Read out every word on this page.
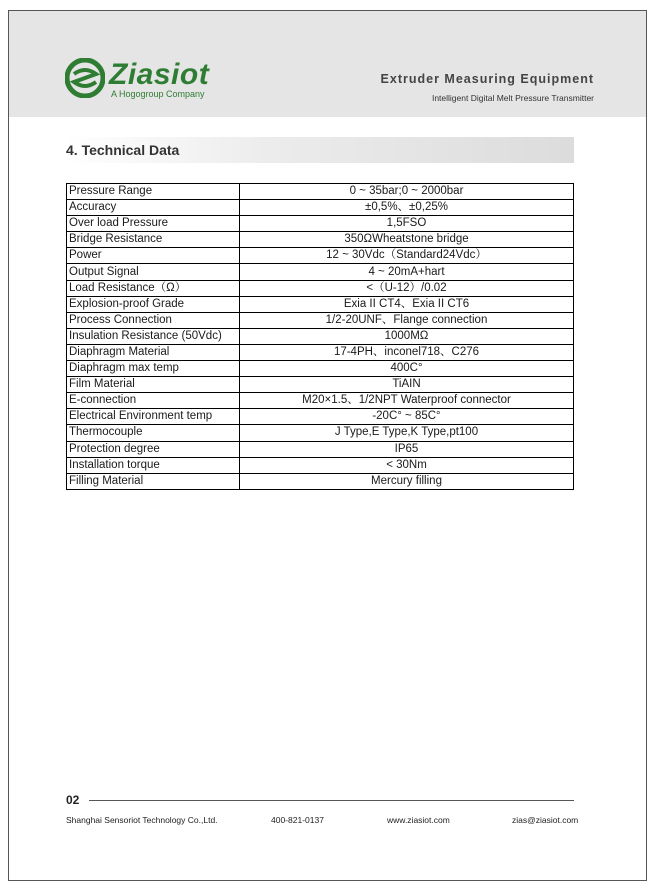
Ziasiot
A Hogogroup Company
Extruder Measuring Equipment
Intelligent Digital Melt Pressure Transmitter
4. Technical Data
Pressure Range	0 ~ 35bar;0 ~ 2000bar
Accuracy	±0,5%、±0,25%
Over load Pressure	1,5FSO
Bridge Resistance	350ΩWheatstone bridge
Power	12 ~ 30Vdc（Standard24Vdc）
Output Signal	4 ~ 20mA+hart
Load Resistance（Ω）	<（U-12）/0.02
Explosion-proof Grade	Exia II CT4、Exia II CT6
Process Connection	1/2-20UNF、Flange connection
Insulation Resistance (50Vdc)	1000MΩ
Diaphragm Material	17-4PH、inconel718、C276
Diaphragm max temp	400C°
Film Material	TiAIN
E-connection	M20×1.5、1/2NPT Waterproof connector
Electrical Environment temp	-20C° ~ 85C°
Thermocouple	J Type,E Type,K Type,pt100
Protection degree	IP65
Installation torque	< 30Nm
Filling Material	Mercury filling
02
Shanghai Sensoriot Technology Co.,Ltd.	400-821-0137	www.ziasiot.com	zias@ziasiot.com
